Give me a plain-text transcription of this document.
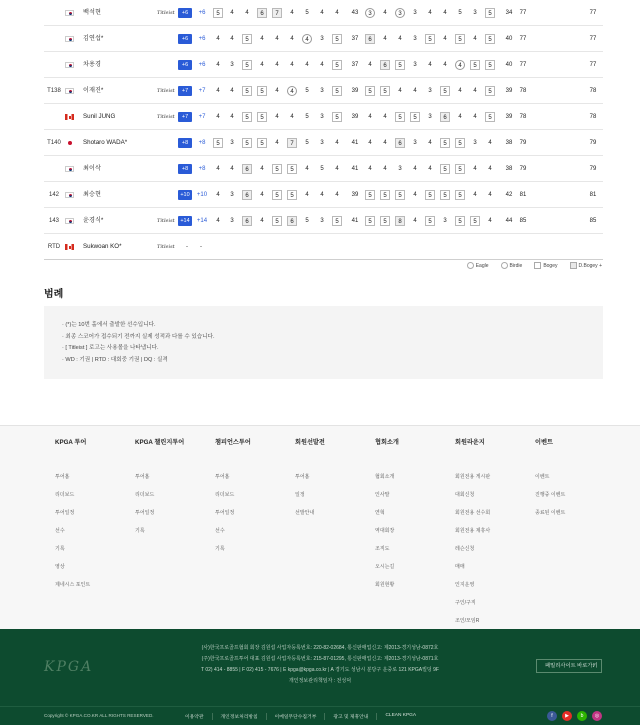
백석현	Titleist	+6	+6	5	4	4	6	7	4	5	4	4	43	3	4	3	3	4	4	5	3	5	34	77	77
김연섭*	+6	+6	4	4	5	4	4	4	4	3	5	37	6	4	4	3	5	4	5	4	5	40	77	77
차용경	+6	+6	4	3	5	4	4	4	4	4	5	37	4	6	5	3	4	4	4	5	5	40	77	77
T138	이재진*	Titleist	+7	+7	4	4	5	5	4	4	5	3	5	39	5	5	4	4	3	5	4	4	5	39	78	78
Sunil JUNG	Titleist	+7	+7	4	4	5	5	4	4	5	3	5	39	4	4	5	5	3	6	4	4	5	39	78	78
T140	Shotaro WADA*	+8	+8	5	3	5	5	4	7	5	3	4	41	4	4	6	3	4	5	5	3	4	38	79	79
최이삭	+8	+8	4	4	6	4	5	5	4	5	4	41	4	4	3	4	4	5	5	4	4	38	79	79
142	최승현	+10	+10	4	3	6	4	5	5	4	4	4	39	5	5	5	4	5	5	5	4	4	42	81	81
143	윤경식*	Titleist	+14	+14	4	3	6	4	5	6	5	3	5	41	5	5	8	4	5	3	5	5	4	44	85	85
RTD	Sukwoan KO*	Titleist - -
Eagle	Birdie	Bogey	D.Bogey +
범례
· (*)는 10번 홀에서 출발한 선수입니다.
· 최종 스코어가 접수되기 전까지 실제 성적과 다를 수 있습니다.
· [ Titleist ] 로고는 사용볼을 나타냅니다.
· WD : 기권 | RTD : 대회중 기권 | DQ : 실격
KPGA 투어
투어홈
리더보드
투어일정
선수
기록
영상
제네시스 포인트
KPGA 챌린지투어
투어홈
리더보드
투어일정
기록
챔피언스투어
투어홈
리더보드
투어일정
선수
기록
회원선발전
투어홈
일정
선발안내
협회소개
협회소개
인사말
연혁
역대회장
조직도
오시는길
회원현황
회원라운지
회원전용 게시판
대회신청
회원전용 선수회
회원전용 제휴사
레슨신청
매매
인지운영
구인/구직
조인/모임R
이벤트
이벤트
진행중 이벤트
종료된 이벤트
KPGA
(사)한국프로골프협회 회장 김원섭 사업자등록번호: 220-82-02684, 통신판매업신고: 제2013-경기성남-0872호
(주)한국프로골프투어 대표 김원섭 사업자등록번호: 215-87-01295, 통신판매업신고: 제2013-경기성남-0871호
T 02) 414 - 8855 | F 02) 415 - 7676 | E kpga@kpga.co.kr | A 경기도 성남시 분당구 운중로 121 KPGA빌딩 9F
개인정보관리책임자 : 전성덕
패밀리사이트 바로가기 ↕
Copyright © KPGA.CO.KR ALL RIGHTS RESERVED.	이용약관	개인정보처리방침	이메일무단수집거부	광고 및 제휴안내	CLEAN KPGA	f	▶	b	◎
